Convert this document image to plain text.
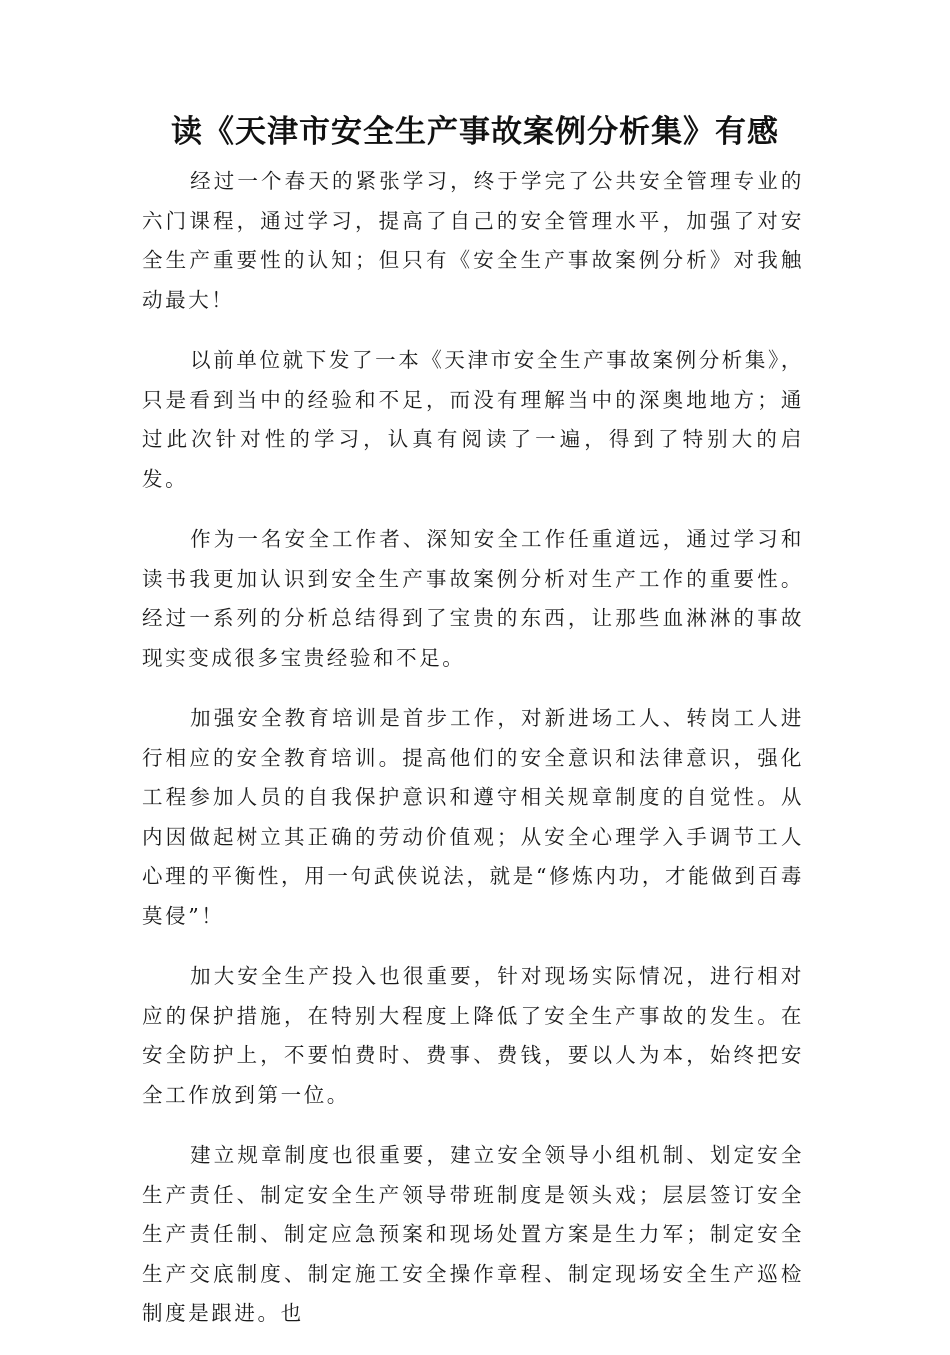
读《天津市安全生产事故案例分析集》有感

经过一个春天的紧张学习，终于学完了公共安全管理专业的六门课程，通过学习，提高了自己的安全管理水平，加强了对安全生产重要性的认知；但只有《安全生产事故案例分析》对我触动最大！

以前单位就下发了一本《天津市安全生产事故案例分析集》，只是看到当中的经验和不足，而没有理解当中的深奥地地方；通过此次针对性的学习，认真有阅读了一遍，得到了特别大的启发。

作为一名安全工作者、深知安全工作任重道远，通过学习和读书我更加认识到安全生产事故案例分析对生产工作的重要性。经过一系列的分析总结得到了宝贵的东西，让那些血淋淋的事故现实变成很多宝贵经验和不足。

加强安全教育培训是首步工作，对新进场工人、转岗工人进行相应的安全教育培训。提高他们的安全意识和法律意识，强化工程参加人员的自我保护意识和遵守相关规章制度的自觉性。从内因做起树立其正确的劳动价值观；从安全心理学入手调节工人心理的平衡性，用一句武侠说法，就是“修炼内功，才能做到百毒莫侵”！

加大安全生产投入也很重要，针对现场实际情况，进行相对应的保护措施，在特别大程度上降低了安全生产事故的发生。在安全防护上，不要怕费时、费事、费钱，要以人为本，始终把安全工作放到第一位。

建立规章制度也很重要，建立安全领导小组机制、划定安全生产责任、制定安全生产领导带班制度是领头戏；层层签订安全生产责任制、制定应急预案和现场处置方案是生力军；制定安全生产交底制度、制定施工安全操作章程、制定现场安全生产巡检制度是跟进。也
